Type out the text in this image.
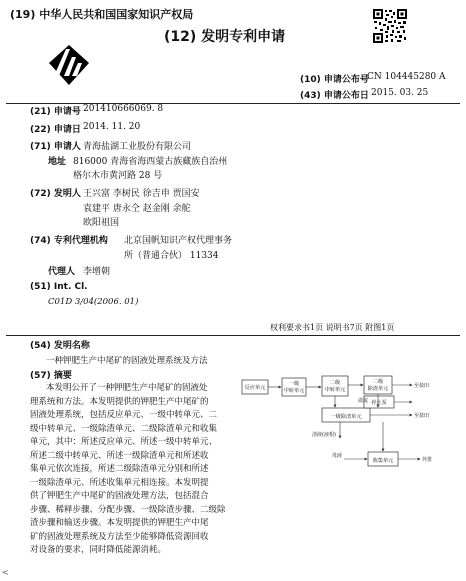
(19) 中华人民共和国国家知识产权局
(12) 发明专利申请
(10) 申请公布号
CN 104445280 A
(43) 申请公布日 2015. 03. 25
(21) 申请号 201410666069. 8
(22) 申请日 2014. 11. 20
(71) 申请人 青海盐湖工业股份有限公司
地址 816000 青海省海西蒙古族藏族自治州
格尔木市黄河路 28 号
(72) 发明人 王兴富 李树民 徐吉申 贾国安
袁建平 唐永仝 赵金刚 余舵
欧阳祖国
(74) 专利代理机构 北京国帆知识产权代理事务
所（普通合伙） 11334
代理人 李增朝
(51) Int. Cl.
C01D 3/04(2006. 01)
权利要求书1页 说明书7页 附图1页
(54) 发明名称
一种钾肥生产中尾矿的固液处理系统及方法
(57) 摘要
本发明公开了一种钾肥生产中尾矿的固液处
理系统和方法。本发明提供的钾肥生产中尾矿的
固液处理系统，包括反应单元、一级中转单元、二
级中转单元、一级除渣单元、二级除渣单元和收集
单元，其中：所述反应单元、所述一级中转单元、
所述二级中转单元、所述一级除渣单元和所述收
集单元依次连接，所述二级除渣单元分别和所述
一级除渣单元、所述收集单元相连接。本发明提
供了钾肥生产中尾矿的固液处理方法，包括混合
步骤、稀释步骤、分配步骤、一级除渣步骤、二级除
渣步骤和输送步骤。本发明提供的钾肥生产中尾
矿的固液处理系统及方法至少能够降低资源回收
对设备的要求，同时降低能源消耗。
反应单元
一级
中转单元
二级
中转单元
二级
除渣单元
一级除渣单元
停止泵
收集单元
溢流
至盐田
至盐田
清液(液相)
母液
外排
<
